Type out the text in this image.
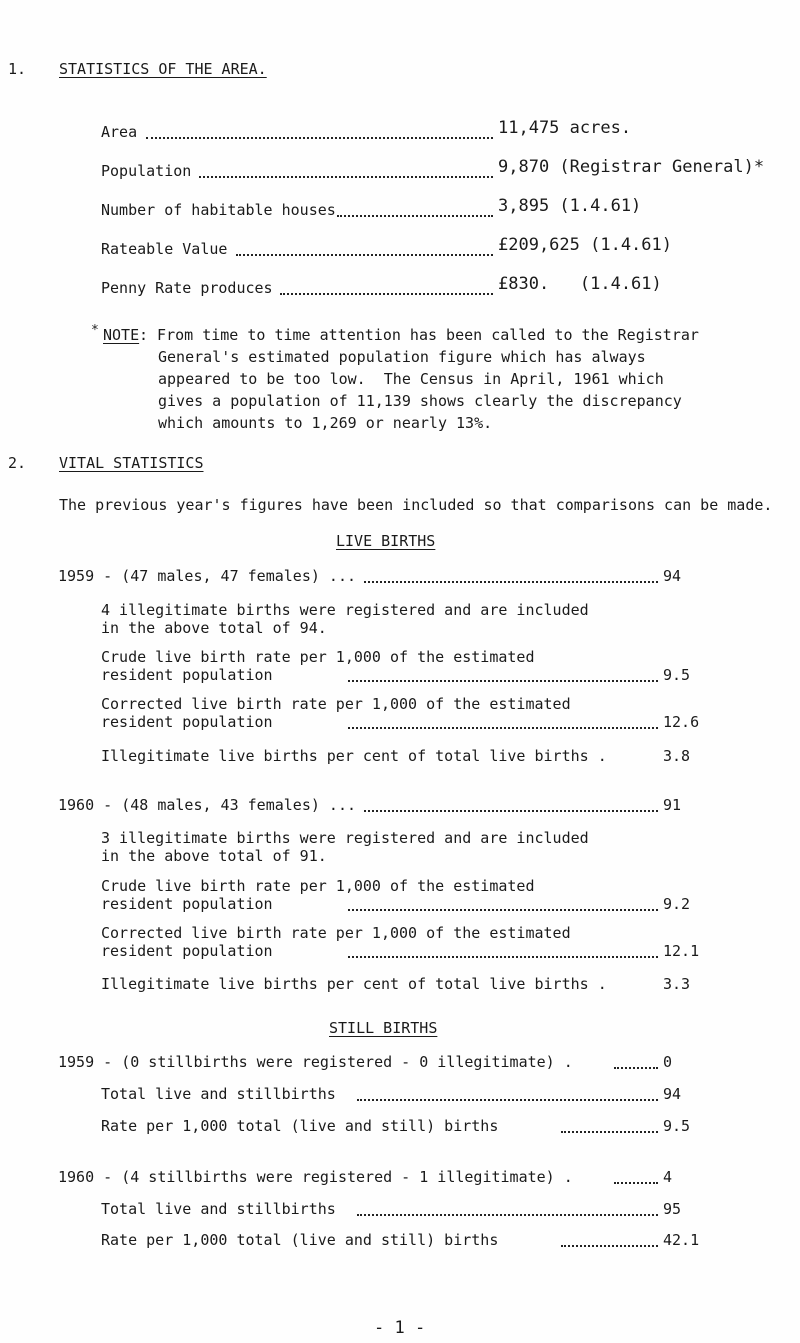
1. STATISTICS OF THE AREA.
Area	11,475 acres.
Population	9,870 (Registrar General)*
Number of habitable houses	3,895 (1.4.61)
Rateable Value	£209,625 (1.4.61)
Penny Rate produces	£830.   (1.4.61)
* NOTE : From time to time attention has been called to the Registrar
General's estimated population figure which has always
appeared to be too low.  The Census in April, 1961 which
gives a population of 11,139 shows clearly the discrepancy
which amounts to 1,269 or nearly 13%.
2. VITAL STATISTICS
The previous year's figures have been included so that comparisons can be made.
LIVE BIRTHS
1959 - (47 males, 47 females) ...	94
4 illegitimate births were registered and are included
in the above total of 94.
Crude live birth rate per 1,000 of the estimated
resident population	9.5
Corrected live birth rate per 1,000 of the estimated
resident population	12.6
Illegitimate live births per cent of total live births .	3.8
1960 - (48 males, 43 females) ...	91
3 illegitimate births were registered and are included
in the above total of 91.
Crude live birth rate per 1,000 of the estimated
resident population	9.2
Corrected live birth rate per 1,000 of the estimated
resident population	12.1
Illegitimate live births per cent of total live births .	3.3
STILL BIRTHS
1959 - (0 stillbirths were registered - 0 illegitimate) .	0
Total live and stillbirths	94
Rate per 1,000 total (live and still) births	9.5
1960 - (4 stillbirths were registered - 1 illegitimate) .	4
Total live and stillbirths	95
Rate per 1,000 total (live and still) births	42.1
- 1 -
